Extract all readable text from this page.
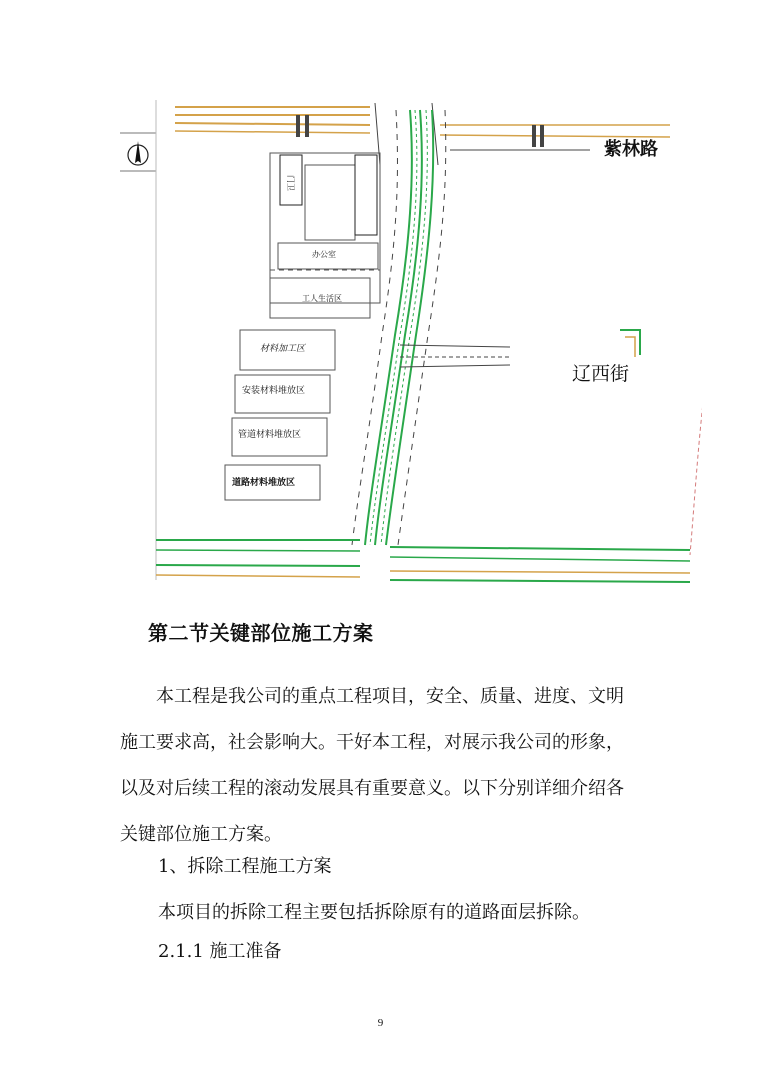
门卫
办公室
工人生活区
材料加工区
安装材料堆放区
管道材料堆放区
道路材料堆放区
紫林路
辽西街
第二节关键部位施工方案

本工程是我公司的重点工程项目，安全、质量、进度、文明施工要求高，社会影响大。干好本工程，对展示我公司的形象，以及对后续工程的滚动发展具有重要意义。以下分别详细介绍各关键部位施工方案。

1、拆除工程施工方案

本项目的拆除工程主要包括拆除原有的道路面层拆除。

2.1.1 施工准备

9
